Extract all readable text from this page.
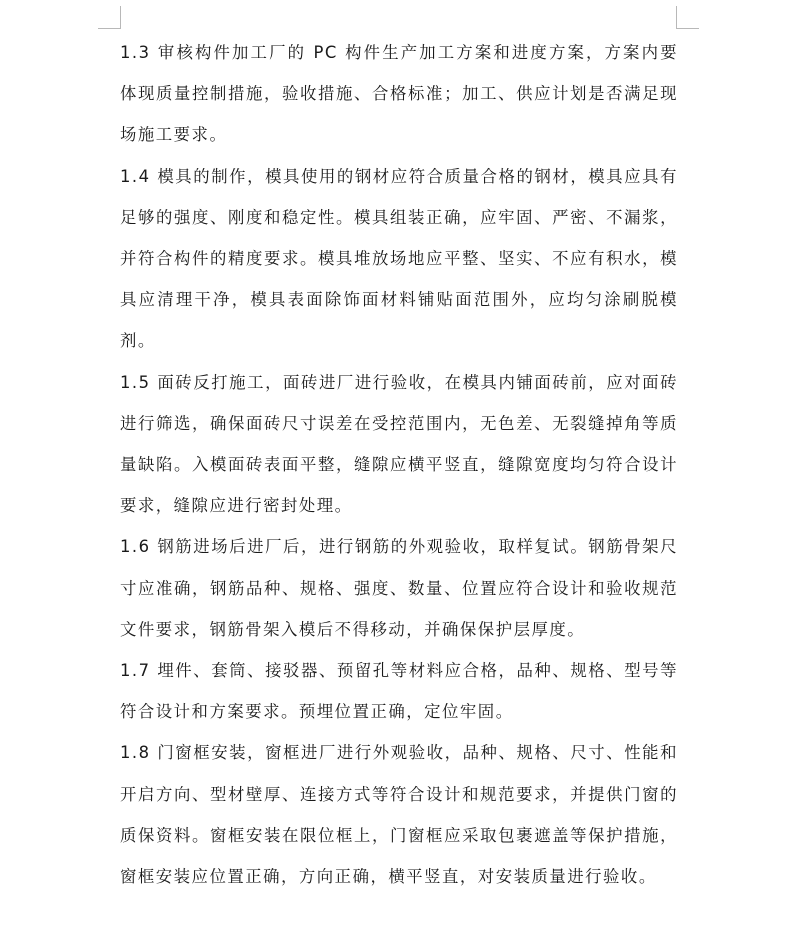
1.3 审核构件加工厂的 PC 构件生产加工方案和进度方案，方案内要体现质量控制措施，验收措施、合格标准；加工、供应计划是否满足现场施工要求。

1.4 模具的制作，模具使用的钢材应符合质量合格的钢材，模具应具有足够的强度、刚度和稳定性。模具组装正确，应牢固、严密、不漏浆，并符合构件的精度要求。模具堆放场地应平整、坚实、不应有积水，模具应清理干净，模具表面除饰面材料铺贴面范围外，应均匀涂刷脱模剂。

1.5 面砖反打施工，面砖进厂进行验收，在模具内铺面砖前，应对面砖进行筛选，确保面砖尺寸误差在受控范围内，无色差、无裂缝掉角等质量缺陷。入模面砖表面平整，缝隙应横平竖直，缝隙宽度均匀符合设计要求，缝隙应进行密封处理。

1.6 钢筋进场后进厂后，进行钢筋的外观验收，取样复试。钢筋骨架尺寸应准确，钢筋品种、规格、强度、数量、位置应符合设计和验收规范文件要求，钢筋骨架入模后不得移动，并确保保护层厚度。

1.7 埋件、套筒、接驳器、预留孔等材料应合格，品种、规格、型号等符合设计和方案要求。预埋位置正确，定位牢固。

1.8 门窗框安装，窗框进厂进行外观验收，品种、规格、尺寸、性能和开启方向、型材壁厚、连接方式等符合设计和规范要求，并提供门窗的质保资料。窗框安装在限位框上，门窗框应采取包裹遮盖等保护措施，窗框安装应位置正确，方向正确，横平竖直，对安装质量进行验收。
